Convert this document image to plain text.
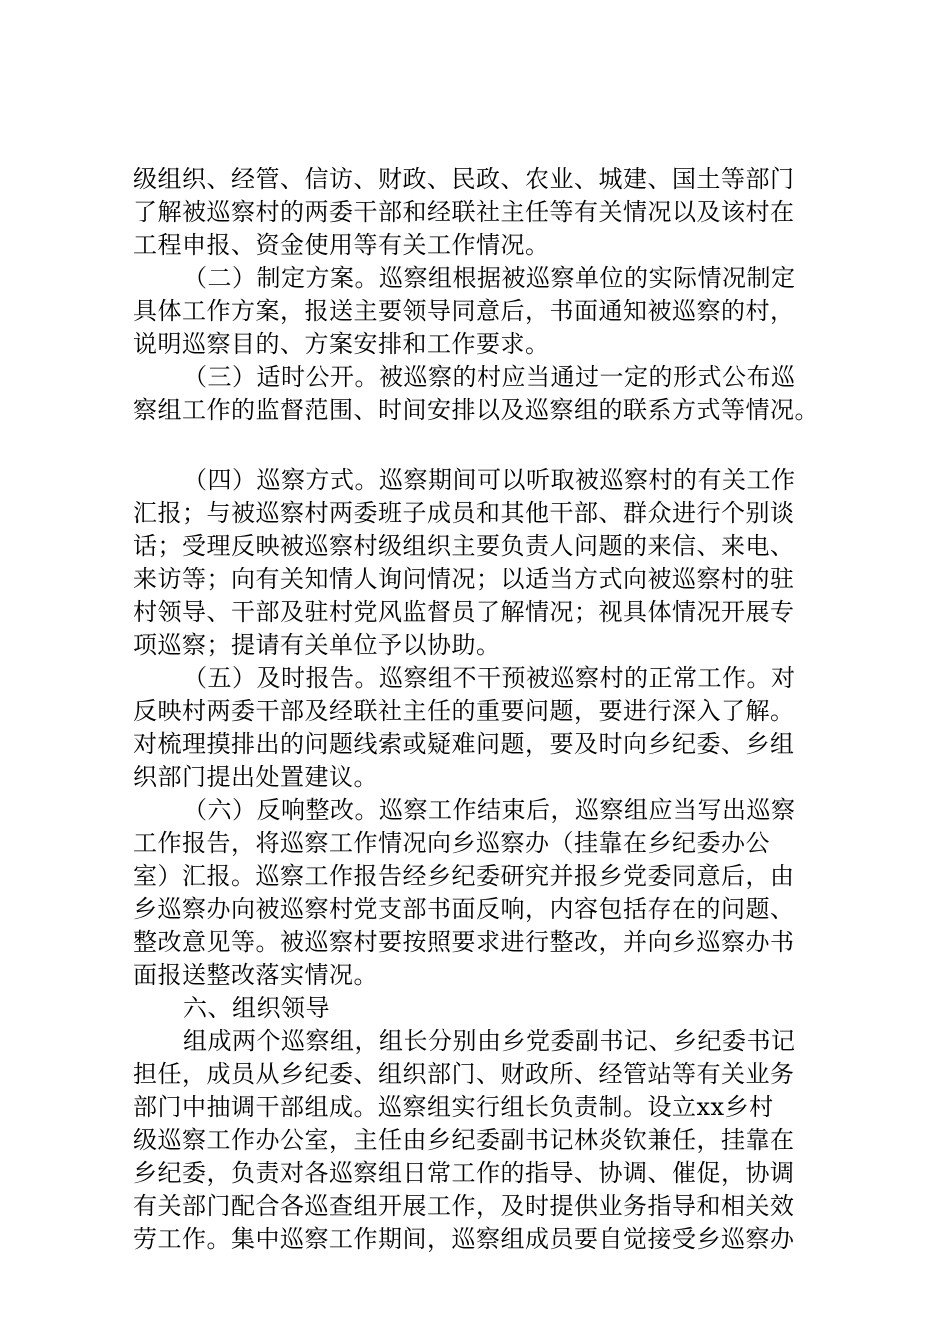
级组织、经管、信访、财政、民政、农业、城建、国土等部门
了解被巡察村的两委干部和经联社主任等有关情况以及该村在
工程申报、资金使用等有关工作情况。
（二）制定方案。巡察组根据被巡察单位的实际情况制定
具体工作方案，报送主要领导同意后，书面通知被巡察的村，
说明巡察目的、方案安排和工作要求。
（三）适时公开。被巡察的村应当通过一定的形式公布巡
察组工作的监督范围、时间安排以及巡察组的联系方式等情况。
（四）巡察方式。巡察期间可以听取被巡察村的有关工作
汇报；与被巡察村两委班子成员和其他干部、群众进行个别谈
话；受理反映被巡察村级组织主要负责人问题的来信、来电、
来访等；向有关知情人询问情况；以适当方式向被巡察村的驻
村领导、干部及驻村党风监督员了解情况；视具体情况开展专
项巡察；提请有关单位予以协助。
（五）及时报告。巡察组不干预被巡察村的正常工作。对
反映村两委干部及经联社主任的重要问题，要进行深入了解。
对梳理摸排出的问题线索或疑难问题，要及时向乡纪委、乡组
织部门提出处置建议。
（六）反响整改。巡察工作结束后，巡察组应当写出巡察
工作报告，将巡察工作情况向乡巡察办（挂靠在乡纪委办公
室）汇报。巡察工作报告经乡纪委研究并报乡党委同意后，由
乡巡察办向被巡察村党支部书面反响，内容包括存在的问题、
整改意见等。被巡察村要按照要求进行整改，并向乡巡察办书
面报送整改落实情况。
六、组织领导
组成两个巡察组，组长分别由乡党委副书记、乡纪委书记
担任，成员从乡纪委、组织部门、财政所、经管站等有关业务
部门中抽调干部组成。巡察组实行组长负责制。设立xx乡村
级巡察工作办公室，主任由乡纪委副书记林炎钦兼任，挂靠在
乡纪委，负责对各巡察组日常工作的指导、协调、催促，协调
有关部门配合各巡查组开展工作，及时提供业务指导和相关效
劳工作。集中巡察工作期间，巡察组成员要自觉接受乡巡察办
